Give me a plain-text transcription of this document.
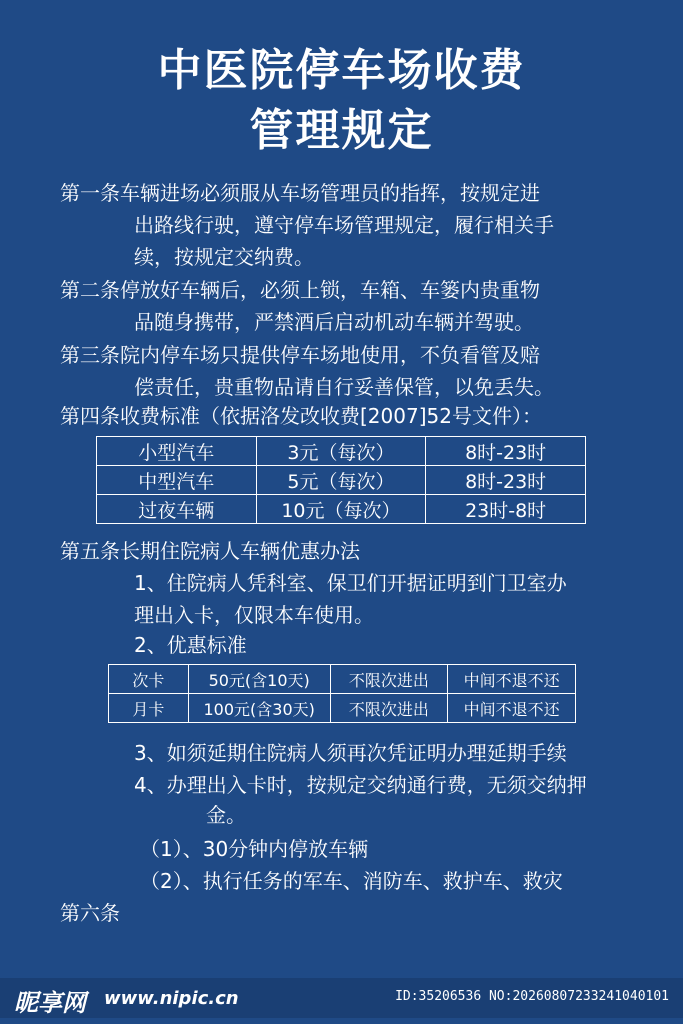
中医院停车场收费
管理规定
第一条车辆进场必须服从车场管理员的指挥，按规定进
出路线行驶，遵守停车场管理规定，履行相关手
续，按规定交纳费。
第二条停放好车辆后，必须上锁，车箱、车篓内贵重物
品随身携带，严禁酒后启动机动车辆并驾驶。
第三条院内停车场只提供停车场地使用，不负看管及赔
偿责任，贵重物品请自行妥善保管，以免丢失。
第四条收费标准（依据洛发改收费[2007]52号文件）：
小型汽车	3元（每次）	8时-23时
中型汽车	5元（每次）	8时-23时
过夜车辆	10元（每次）	23时-8时
第五条长期住院病人车辆优惠办法
1、住院病人凭科室、保卫们开据证明到门卫室办
理出入卡，仅限本车使用。
2、优惠标准
次卡	50元(含10天)	不限次进出	中间不退不还
月卡	100元(含30天)	不限次进出	中间不退不还
3、如须延期住院病人须再次凭证明办理延期手续
4、办理出入卡时，按规定交纳通行费，无须交纳押
金。
（1）、30分钟内停放车辆
（2）、执行任务的军车、消防车、救护车、救灾
第六条
昵享网 www.nipic.cn	ID:35206536 NO:20260807233241040101
